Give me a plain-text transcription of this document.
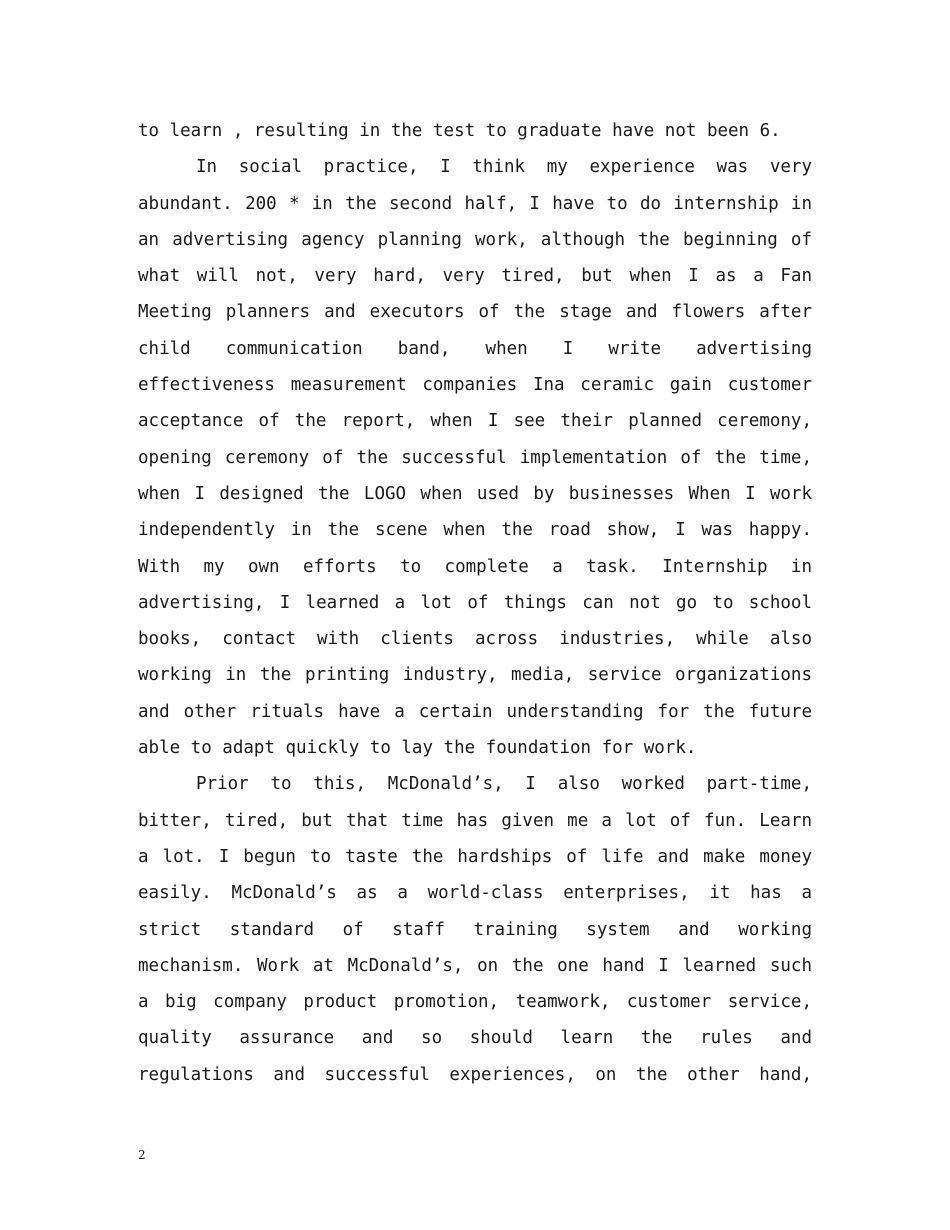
to learn , resulting in the test to graduate have not been 6.
In social practice, I think my experience was very
abundant. 200 * in the second half, I have to do internship in
an advertising agency planning work, although the beginning of
what will not, very hard, very tired, but when I as a Fan
Meeting planners and executors of the stage and flowers after
child communication band, when I write advertising
effectiveness measurement companies Ina ceramic gain customer
acceptance of the report, when I see their planned ceremony,
opening ceremony of the successful implementation of the time,
when I designed the LOGO when used by businesses When I work
independently in the scene when the road show, I was happy.
With my own efforts to complete a task. Internship in
advertising, I learned a lot of things can not go to school
books, contact with clients across industries, while also
working in the printing industry, media, service organizations
and other rituals have a certain understanding for the future
able to adapt quickly to lay the foundation for work.
Prior to this, McDonald’s, I also worked part-time,
bitter, tired, but that time has given me a lot of fun. Learn
a lot. I begun to taste the hardships of life and make money
easily. McDonald’s as a world-class enterprises, it has a
strict standard of staff training system and working
mechanism. Work at McDonald’s, on the one hand I learned such
a big company product promotion, teamwork, customer service,
quality assurance and so should learn the rules and
regulations and successful experiences, on the other hand,
2
